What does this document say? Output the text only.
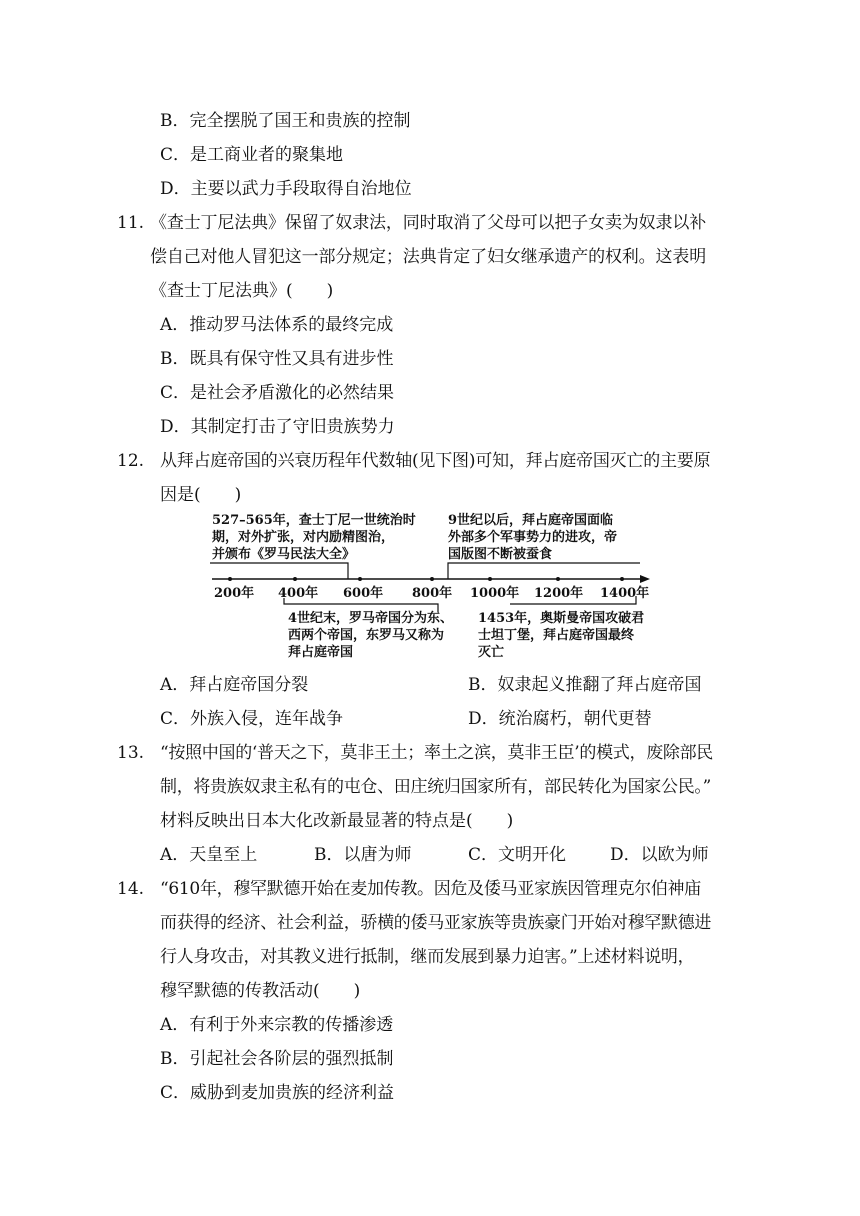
B．完全摆脱了国王和贵族的控制
C．是工商业者的聚集地
D．主要以武力手段取得自治地位
11. 《查士丁尼法典》保留了奴隶法，同时取消了父母可以把子女卖为奴隶以补
偿自己对他人冒犯这一部分规定；法典肯定了妇女继承遗产的权利。这表明
《查士丁尼法典》(　　)
A．推动罗马法体系的最终完成
B．既具有保守性又具有进步性
C．是社会矛盾激化的必然结果
D．其制定打击了守旧贵族势力
12. 从拜占庭帝国的兴衰历程年代数轴(见下图)可知，拜占庭帝国灭亡的主要原
因是(　　)
527–565年，查士丁尼一世统治时
期，对外扩张，对内励精图治，
并颁布《罗马民法大全》
9世纪以后，拜占庭帝国面临
外部多个军事势力的进攻，帝
国版图不断被蚕食
200年 400年 600年 800年 1000年 1200年 1400年
4世纪末，罗马帝国分为东、
西两个帝国，东罗马又称为
拜占庭帝国
1453年，奥斯曼帝国攻破君
士坦丁堡，拜占庭帝国最终
灭亡
A．拜占庭帝国分裂	B．奴隶起义推翻了拜占庭帝国
C．外族入侵，连年战争	D．统治腐朽，朝代更替
13. “按照中国的‘普天之下，莫非王土；率土之滨，莫非王臣’的模式，废除部民
制，将贵族奴隶主私有的屯仓、田庄统归国家所有，部民转化为国家公民。”
材料反映出日本大化改新最显著的特点是(　　)
A．天皇至上	B．以唐为师	C．文明开化	D．以欧为师
14. “610年，穆罕默德开始在麦加传教。因危及倭马亚家族因管理克尔伯神庙
而获得的经济、社会利益，骄横的倭马亚家族等贵族豪门开始对穆罕默德进
行人身攻击，对其教义进行抵制，继而发展到暴力迫害。”上述材料说明，
穆罕默德的传教活动(　　)
A．有利于外来宗教的传播渗透
B．引起社会各阶层的强烈抵制
C．威胁到麦加贵族的经济利益
